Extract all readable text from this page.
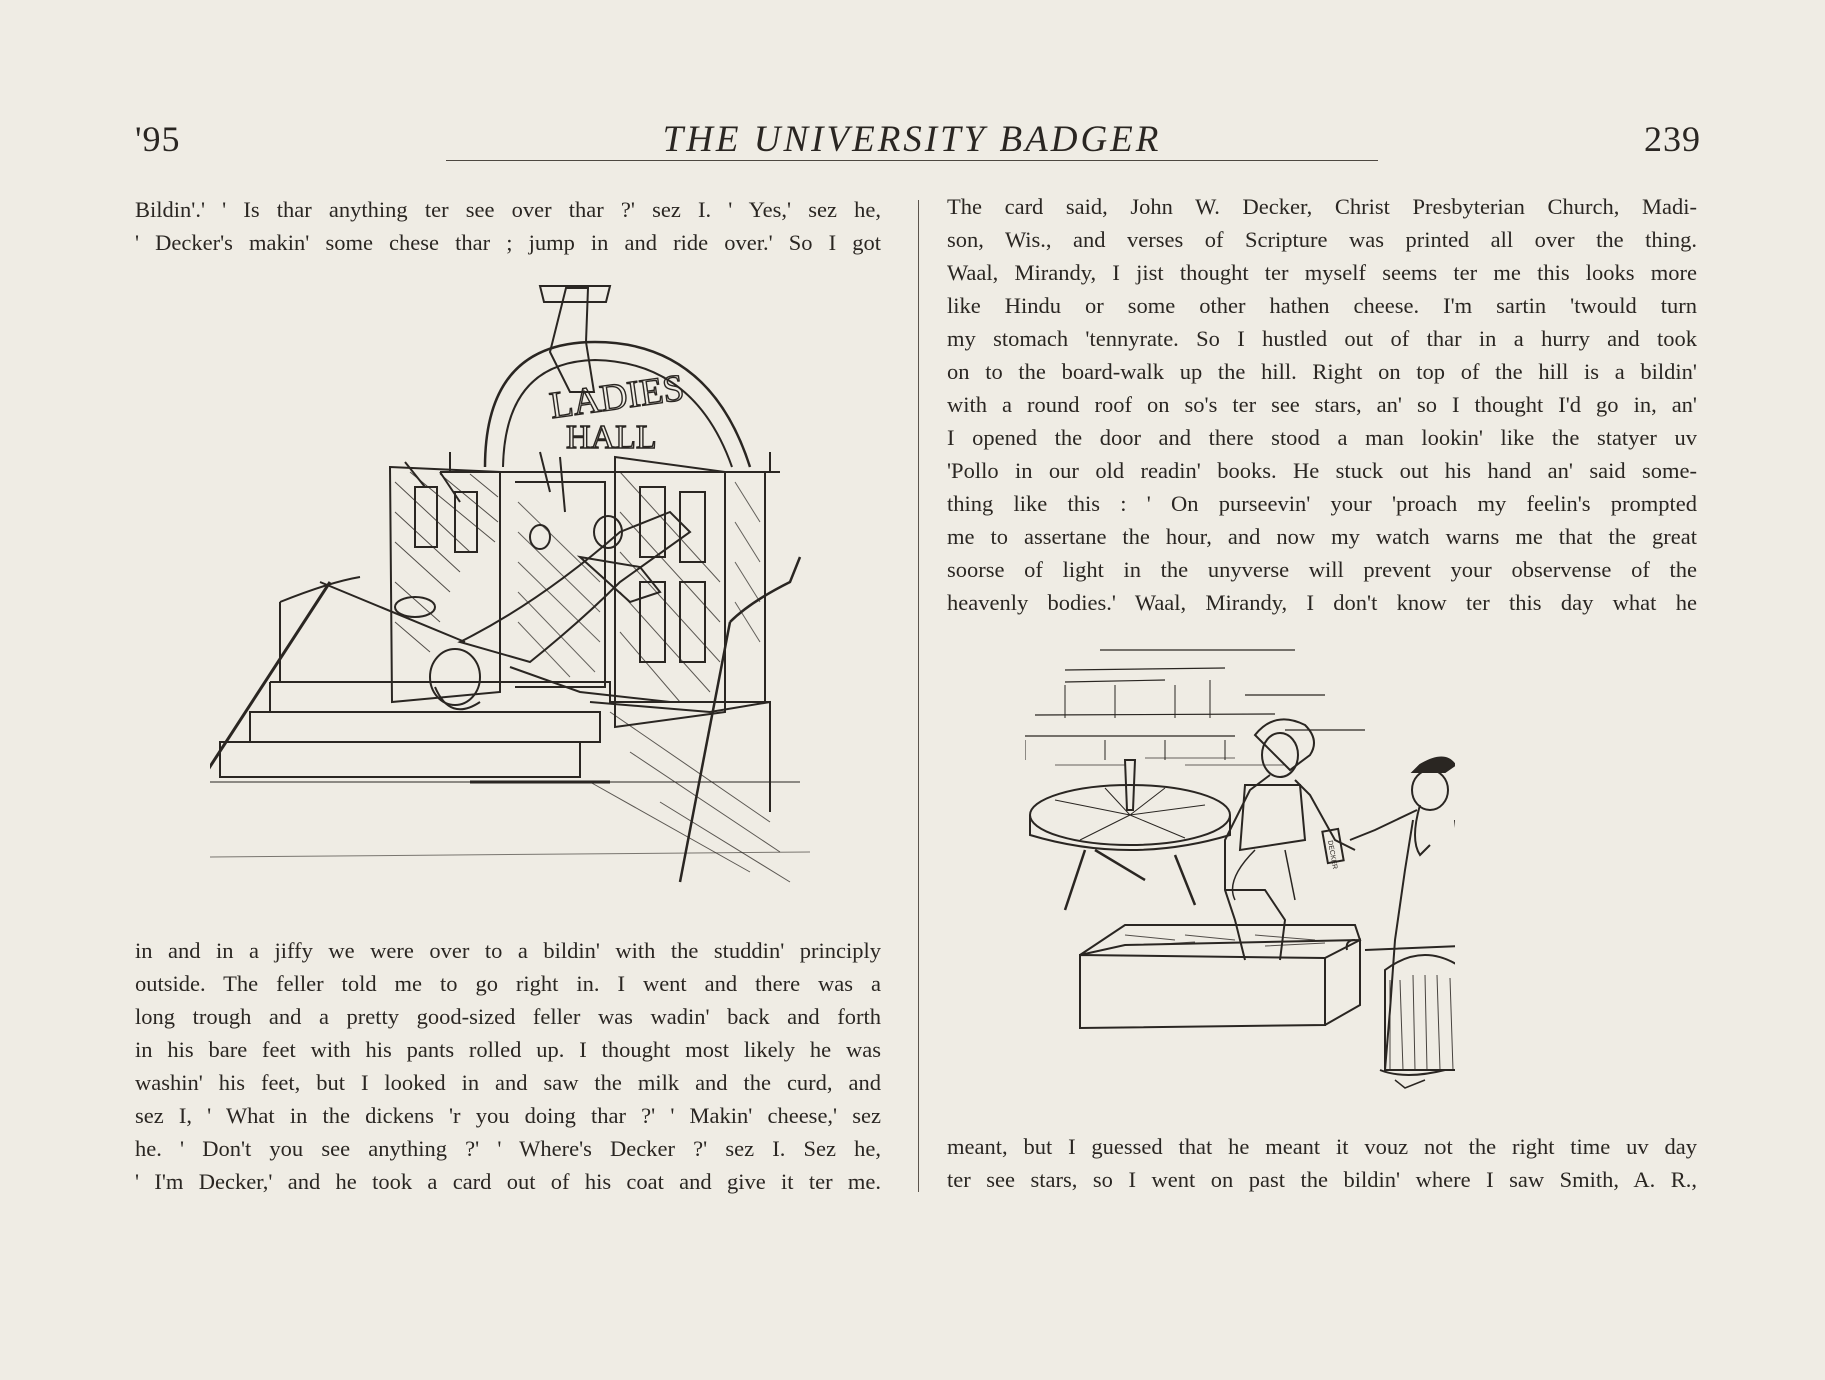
'95	THE UNIVERSITY BADGER	239
Bildin'.' ' Is thar anything ter see over thar ?' sez I. ' Yes,' sez he,
' Decker's makin' some chese thar ; jump in and ride over.' So I got
LADIES
HALL
in and in a jiffy we were over to a bildin' with the studdin' principly
outside. The feller told me to go right in. I went and there was a
long trough and a pretty good-sized feller was wadin' back and forth
in his bare feet with his pants rolled up. I thought most likely he was
washin' his feet, but I looked in and saw the milk and the curd, and
sez I, ' What in the dickens 'r you doing thar ?' ' Makin' cheese,' sez
he. ' Don't you see anything ?' ' Where's Decker ?' sez I. Sez he,
' I'm Decker,' and he took a card out of his coat and give it ter me.
The card said, John W. Decker, Christ Presbyterian Church, Madi-
son, Wis., and verses of Scripture was printed all over the thing.
Waal, Mirandy, I jist thought ter myself seems ter me this looks more
like Hindu or some other hathen cheese. I'm sartin 'twould turn
my stomach 'tennyrate. So I hustled out of thar in a hurry and took
on to the board-walk up the hill. Right on top of the hill is a bildin'
with a round roof on so's ter see stars, an' so I thought I'd go in, an'
I opened the door and there stood a man lookin' like the statyer uv
'Pollo in our old readin' books. He stuck out his hand an' said some-
thing like this : ' On purseevin' your 'proach my feelin's prompted
me to assertane the hour, and now my watch warns me that the great
soorse of light in the unyverse will prevent your observense of the
heavenly bodies.' Waal, Mirandy, I don't know ter this day what he
DECKER
meant, but I guessed that he meant it vouz not the right time uv day
ter see stars, so I went on past the bildin' where I saw Smith, A. R.,
